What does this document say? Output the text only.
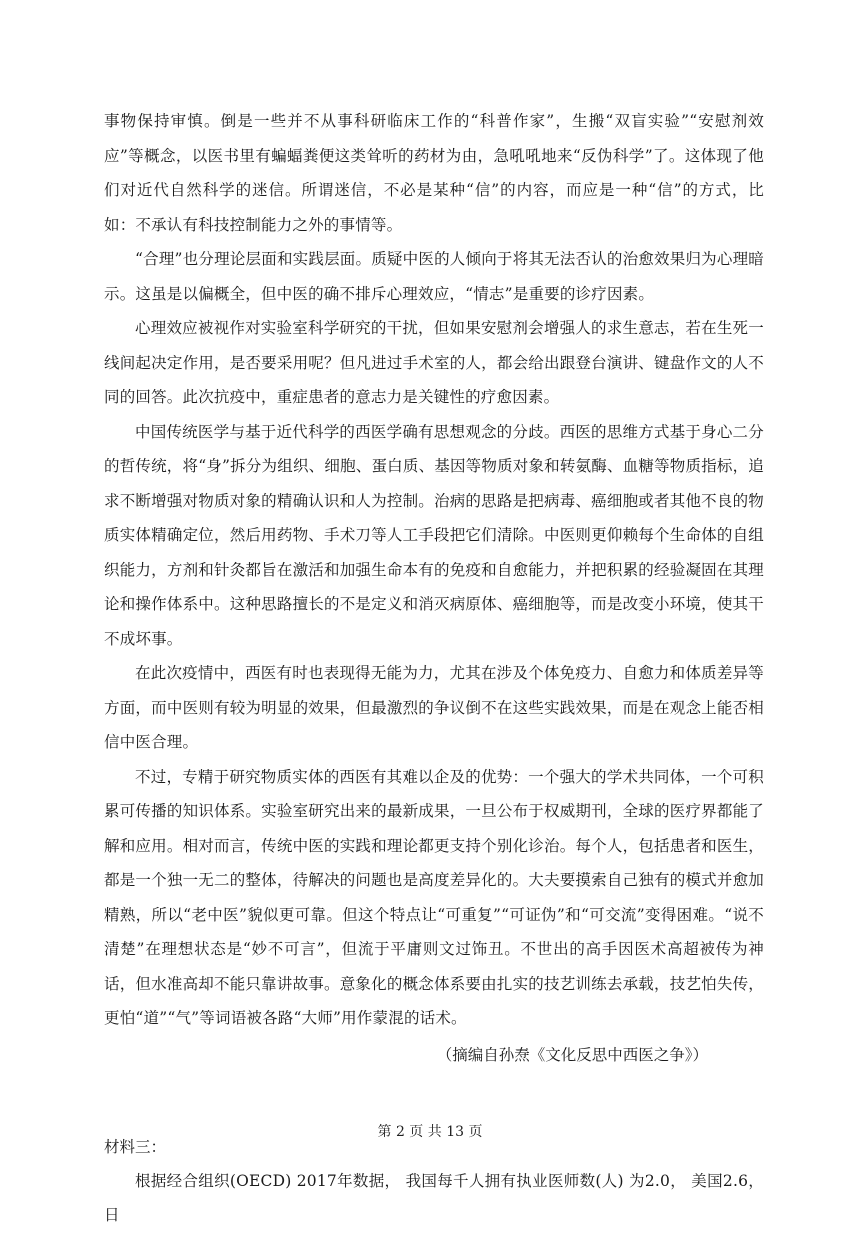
事物保持审慎。倒是一些并不从事科研临床工作的“科普作家”，生搬“双盲实验”“安慰剂效应”等概念，以医书里有蝙蝠粪便这类耸听的药材为由，急吼吼地来“反伪科学”了。这体现了他们对近代自然科学的迷信。所谓迷信，不必是某种“信”的内容，而应是一种“信”的方式，比如：不承认有科技控制能力之外的事情等。

“合理”也分理论层面和实践层面。质疑中医的人倾向于将其无法否认的治愈效果归为心理暗示。这虽是以偏概全，但中医的确不排斥心理效应，“情志”是重要的诊疗因素。

心理效应被视作对实验室科学研究的干扰，但如果安慰剂会增强人的求生意志，若在生死一线间起决定作用，是否要采用呢？但凡进过手术室的人，都会给出跟登台演讲、键盘作文的人不同的回答。此次抗疫中，重症患者的意志力是关键性的疗愈因素。

中国传统医学与基于近代科学的西医学确有思想观念的分歧。西医的思维方式基于身心二分的哲传统，将“身”拆分为组织、细胞、蛋白质、基因等物质对象和转氨酶、血糖等物质指标，追求不断增强对物质对象的精确认识和人为控制。治病的思路是把病毒、癌细胞或者其他不良的物质实体精确定位，然后用药物、手术刀等人工手段把它们清除。中医则更仰赖每个生命体的自组织能力，方剂和针灸都旨在激活和加强生命本有的免疫和自愈能力，并把积累的经验凝固在其理论和操作体系中。这种思路擅长的不是定义和消灭病原体、癌细胞等，而是改变小环境，使其干不成坏事。

在此次疫情中，西医有时也表现得无能为力，尤其在涉及个体免疫力、自愈力和体质差异等方面，而中医则有较为明显的效果，但最激烈的争议倒不在这些实践效果，而是在观念上能否相信中医合理。

不过，专精于研究物质实体的西医有其难以企及的优势：一个强大的学术共同体，一个可积累可传播的知识体系。实验室研究出来的最新成果，一旦公布于权威期刊，全球的医疗界都能了解和应用。相对而言，传统中医的实践和理论都更支持个别化诊治。每个人，包括患者和医生，都是一个独一无二的整体，待解决的问题也是高度差异化的。大夫要摸索自己独有的模式并愈加精熟，所以“老中医”貌似更可靠。但这个特点让“可重复”“可证伪”和“可交流”变得困难。“说不清楚”在理想状态是“妙不可言”，但流于平庸则文过饰丑。不世出的高手因医术高超被传为神话，但水准高却不能只靠讲故事。意象化的概念体系要由扎实的技艺训练去承载，技艺怕失传，更怕“道”“气”等词语被各路“大师”用作蒙混的话术。

（摘编自孙焘《文化反思中西医之争》）

材料三：

根据经合组织(OECD) 2017年数据， 我国每千人拥有执业医师数(人) 为2.0， 美国2.6，日

第 2 页 共 13 页
